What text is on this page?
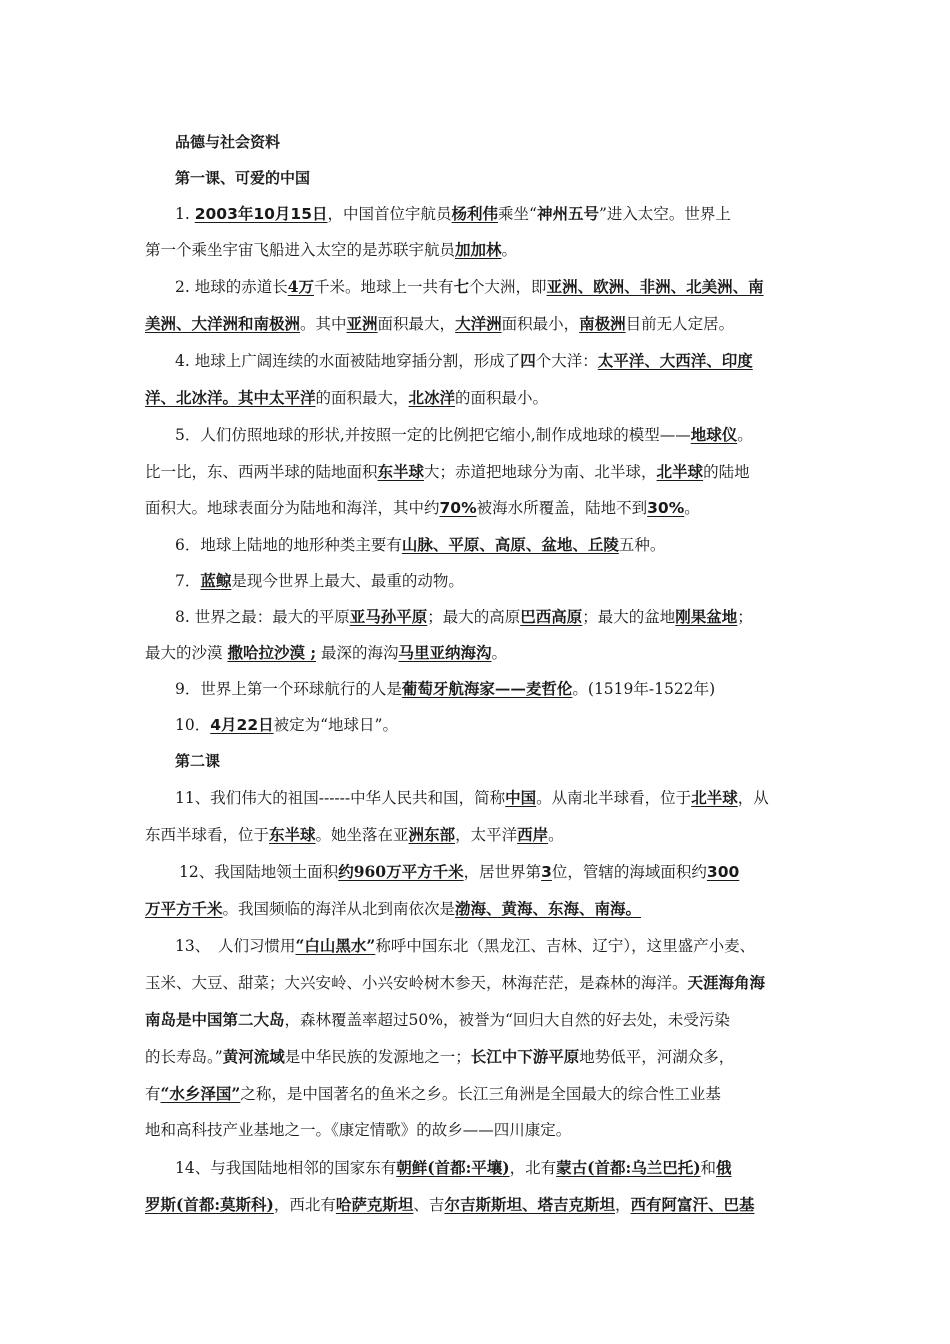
品德与社会资料
第一课、可爱的中国
1. 2003年10月15日，中国首位宇航员杨利伟乘坐“神州五号”进入太空。世界上
第一个乘坐宇宙飞船进入太空的是苏联宇航员加加林。
2. 地球的赤道长4万千米。地球上一共有七个大洲，即亚洲、欧洲、非洲、北美洲、南
美洲、大洋洲和南极洲。其中亚洲面积最大，大洋洲面积最小，南极洲目前无人定居。
4. 地球上广阔连续的水面被陆地穿插分割，形成了四个大洋：太平洋、大西洋、印度
洋、北冰洋。其中太平洋的面积最大，北冰洋的面积最小。
5．人们仿照地球的形状,并按照一定的比例把它缩小,制作成地球的模型——地球仪。
比一比，东、西两半球的陆地面积东半球大；赤道把地球分为南、北半球，北半球的陆地
面积大。地球表面分为陆地和海洋，其中约70%被海水所覆盖，陆地不到30%。
6．地球上陆地的地形种类主要有山脉、平原、高原、盆地、丘陵五种。
7．蓝鲸是现今世界上最大、最重的动物。
8. 世界之最：最大的平原亚马孙平原；最大的高原巴西高原；最大的盆地刚果盆地；
最大的沙漠 撒哈拉沙漠 ; 最深的海沟马里亚纳海沟。
9．世界上第一个环球航行的人是葡萄牙航海家——麦哲伦。(1519年-1522年)
10．4月22日被定为“地球日”。
第二课
11、我们伟大的祖国------中华人民共和国，简称中国。从南北半球看，位于北半球，从
东西半球看，位于东半球。她坐落在亚洲东部，太平洋西岸。
12、我国陆地领土面积约960万平方千米，居世界第3位，管辖的海域面积约300
万平方千米。我国频临的海洋从北到南依次是渤海、黄海、东海、南海。
13、　人们习惯用“白山黑水”称呼中国东北（黑龙江、吉林、辽宁），这里盛产小麦、
玉米、大豆、甜菜；大兴安岭、小兴安岭树木参天，林海茫茫，是森林的海洋。天涯海角海
南岛是中国第二大岛，森林覆盖率超过50%，被誉为“回归大自然的好去处，未受污染
的长寿岛。”黄河流域是中华民族的发源地之一；长江中下游平原地势低平，河湖众多，
有“水乡泽国”之称，是中国著名的鱼米之乡。长江三角洲是全国最大的综合性工业基
地和高科技产业基地之一。《康定情歌》的故乡——四川康定。
14、与我国陆地相邻的国家东有朝鲜(首都:平壤)，北有蒙古(首都:乌兰巴托)和俄
罗斯(首都:莫斯科)，西北有哈萨克斯坦、吉尔吉斯斯坦、塔吉克斯坦，西有阿富汗、巴基
